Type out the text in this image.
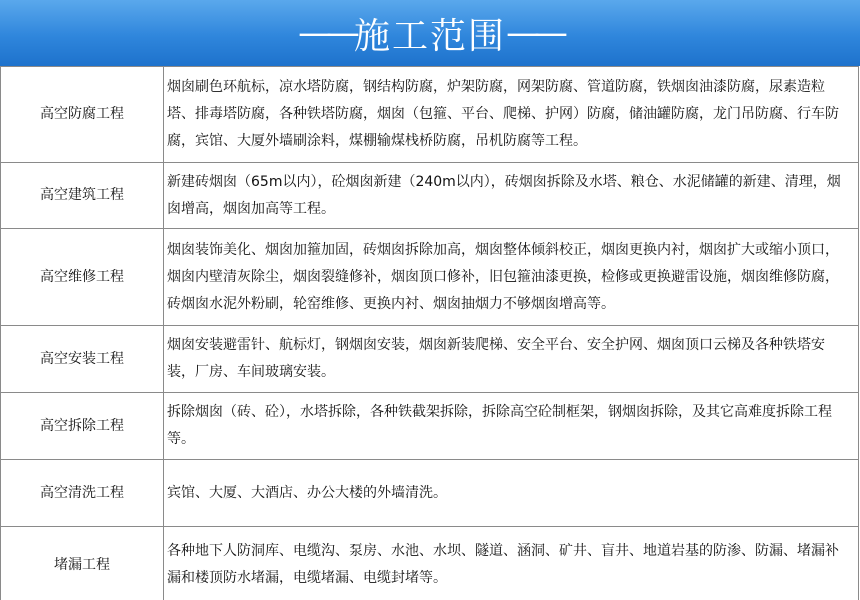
—— 施工范围 ——
高空防腐工程	烟囱刷色环航标，凉水塔防腐，钢结构防腐，炉架防腐，网架防腐、管道防腐，铁烟囱油漆防腐，尿素造粒塔、排毒塔防腐，各种铁塔防腐，烟囱（包箍、平台、爬梯、护网）防腐，储油罐防腐，龙门吊防腐、行车防腐，宾馆、大厦外墙刷涂料，煤棚输煤栈桥防腐，吊机防腐等工程。
高空建筑工程	新建砖烟囱（65m以内），砼烟囱新建（240m以内），砖烟囱拆除及水塔、粮仓、水泥储罐的新建、清理，烟囱增高，烟囱加高等工程。
高空维修工程	烟囱装饰美化、烟囱加箍加固，砖烟囱拆除加高，烟囱整体倾斜校正，烟囱更换内衬，烟囱扩大或缩小顶口，烟囱内壁清灰除尘，烟囱裂缝修补，烟囱顶口修补，旧包箍油漆更换，检修或更换避雷设施，烟囱维修防腐，砖烟囱水泥外粉刷，轮窑维修、更换内衬、烟囱抽烟力不够烟囱增高等。
高空安装工程	烟囱安装避雷针、航标灯，钢烟囱安装，烟囱新装爬梯、安全平台、安全护网、烟囱顶口云梯及各种铁塔安装，厂房、车间玻璃安装。
高空拆除工程	拆除烟囱（砖、砼），水塔拆除，各种铁截架拆除，拆除高空砼制框架，钢烟囱拆除，及其它高难度拆除工程等。
高空清洗工程	宾馆、大厦、大酒店、办公大楼的外墙清洗。
堵漏工程	各种地下人防洞库、电缆沟、泵房、水池、水坝、隧道、涵洞、矿井、盲井、地道岩基的防渗、防漏、堵漏补漏和楼顶防水堵漏，电缆堵漏、电缆封堵等。
